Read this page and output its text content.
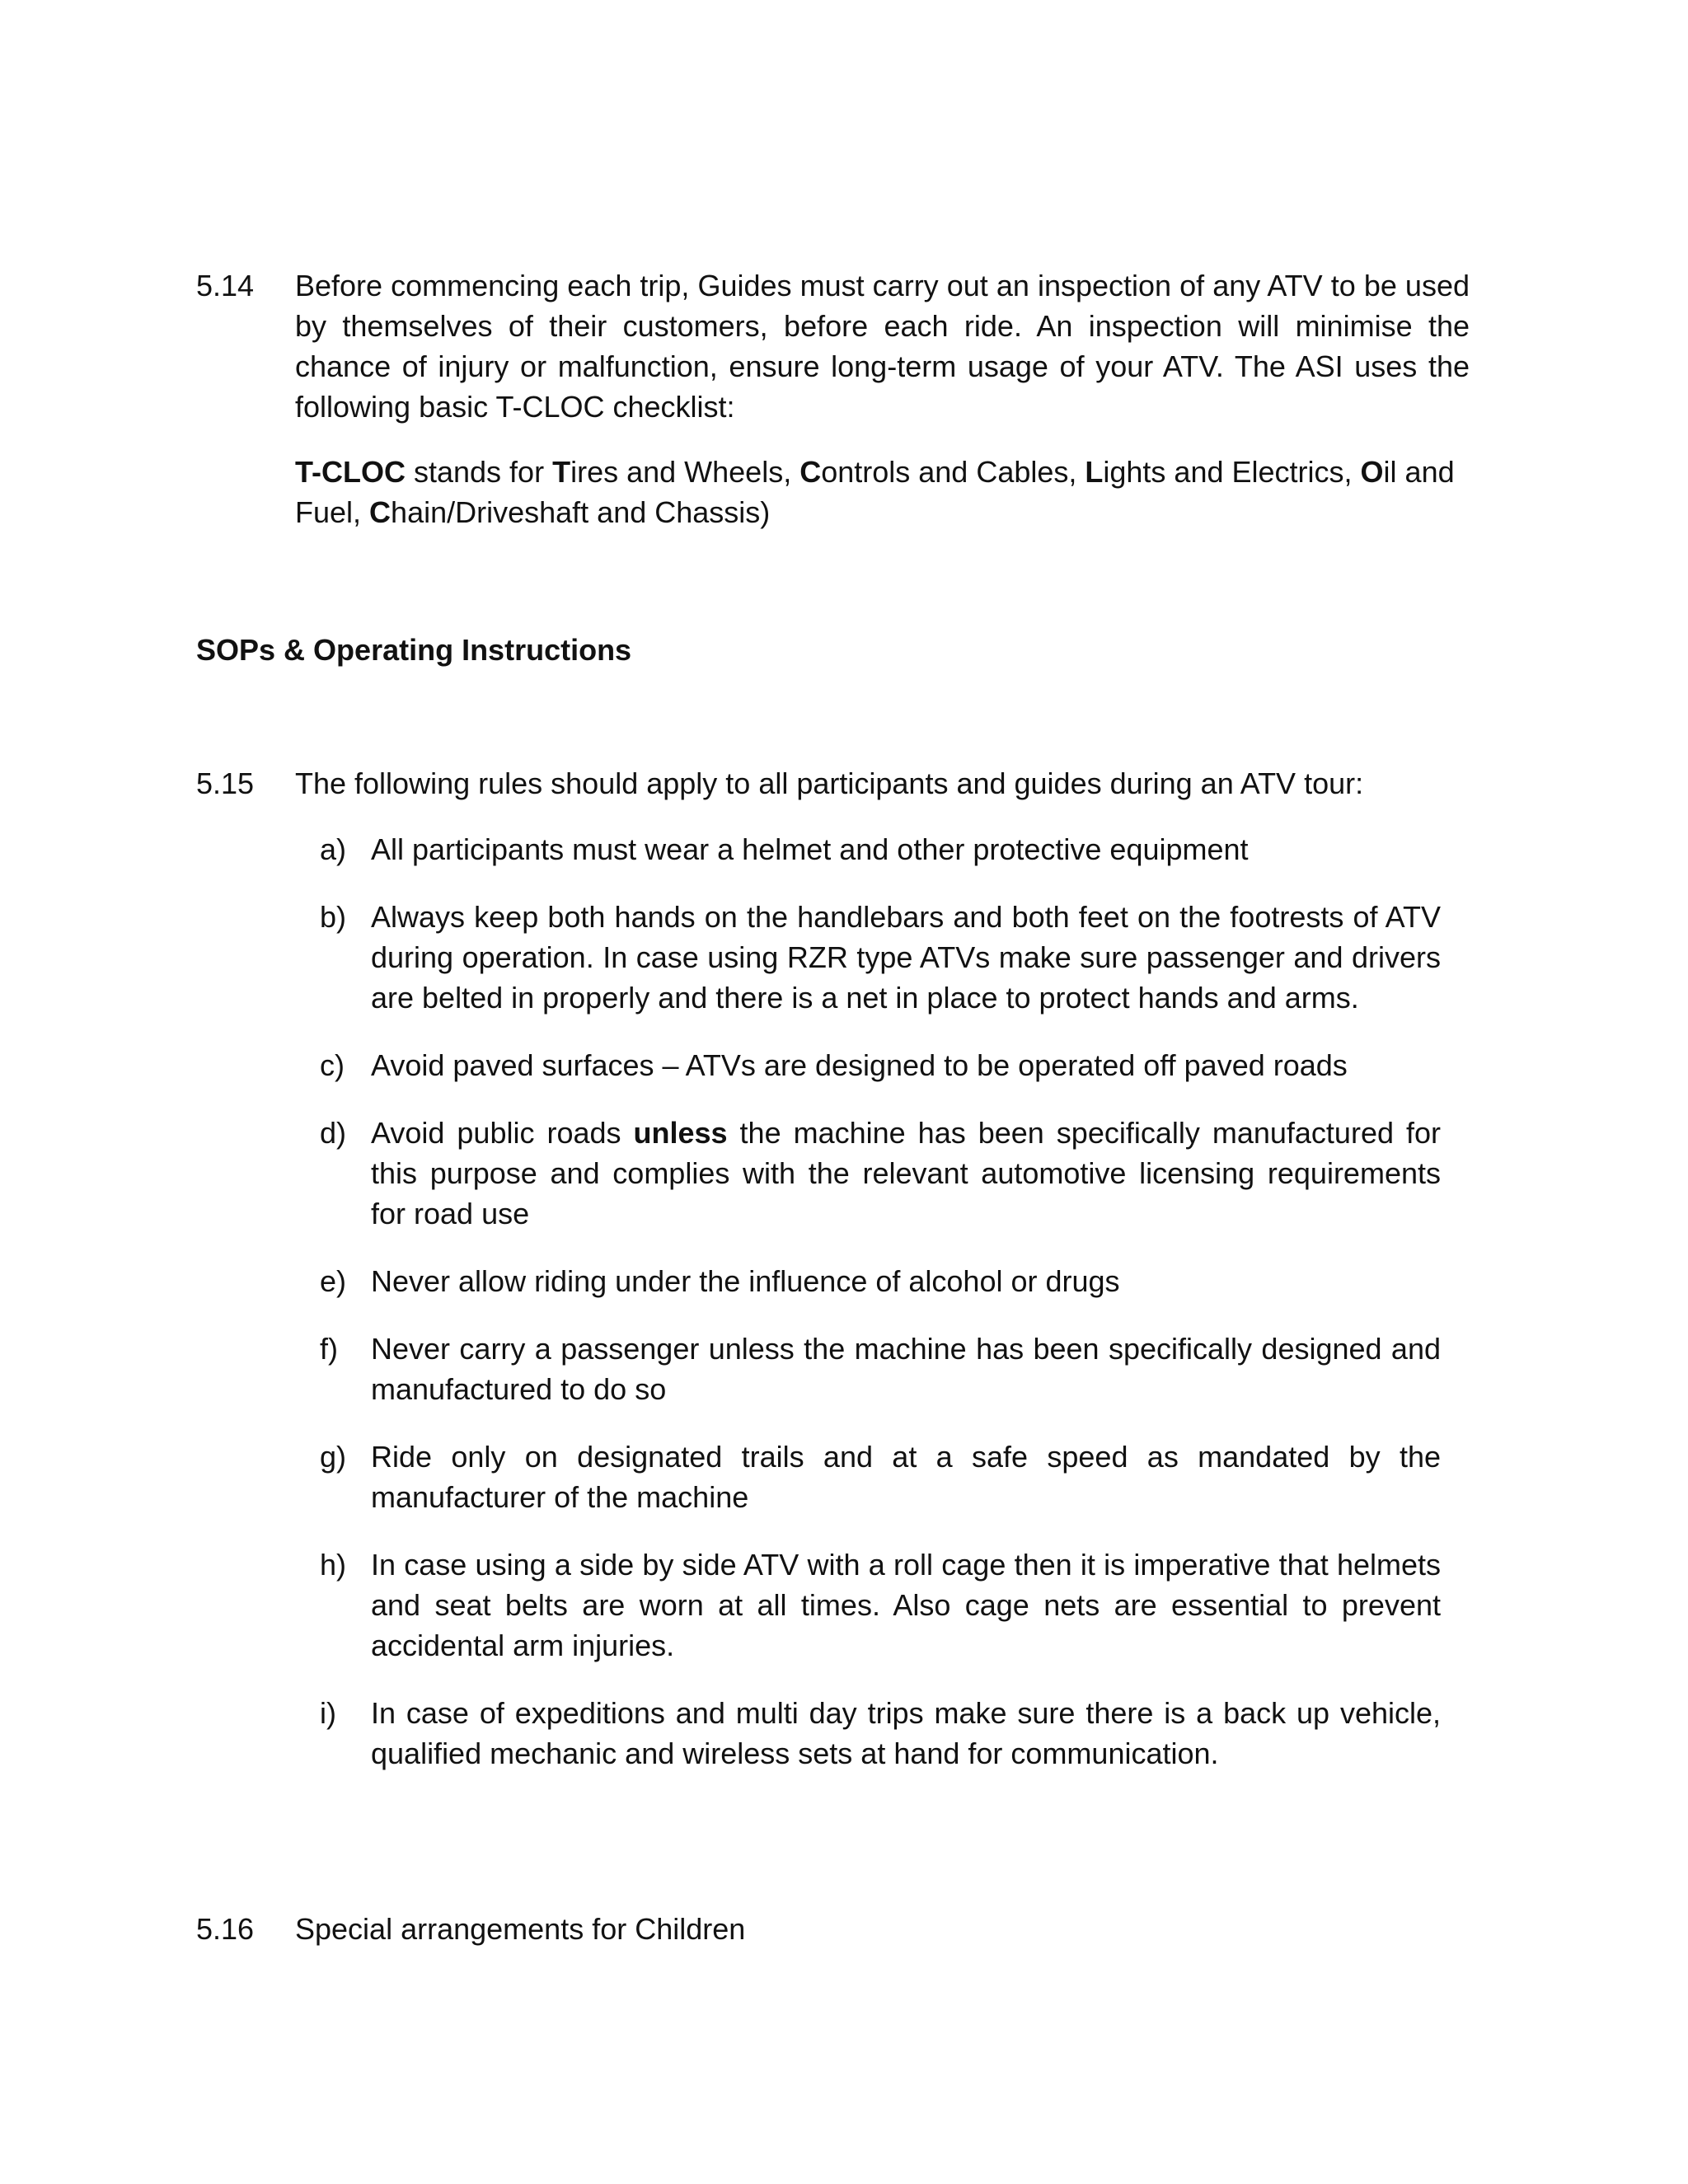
5.14 Before commencing each trip, Guides must carry out an inspection of any ATV to be used by themselves of their customers, before each ride. An inspection will minimise the chance of injury or malfunction, ensure long-term usage of your ATV. The ASI uses the following basic T-CLOC checklist:
T-CLOC stands for Tires and Wheels, Controls and Cables, Lights and Electrics, Oil and Fuel, Chain/Driveshaft and Chassis)
SOPs & Operating Instructions
5.15 The following rules should apply to all participants and guides during an ATV tour:
a) All participants must wear a helmet and other protective equipment
b) Always keep both hands on the handlebars and both feet on the footrests of ATV during operation. In case using RZR type ATVs make sure passenger and drivers are belted in properly and there is a net in place to protect hands and arms.
c) Avoid paved surfaces – ATVs are designed to be operated off paved roads
d) Avoid public roads unless the machine has been specifically manufactured for this purpose and complies with the relevant automotive licensing requirements for road use
e) Never allow riding under the influence of alcohol or drugs
f) Never carry a passenger unless the machine has been specifically designed and manufactured to do so
g) Ride only on designated trails and at a safe speed as mandated by the manufacturer of the machine
h) In case using a side by side ATV with a roll cage then it is imperative that helmets and seat belts are worn at all times. Also cage nets are essential to prevent accidental arm injuries.
i) In case of expeditions and multi day trips make sure there is a back up vehicle, qualified mechanic and wireless sets at hand for communication.
5.16 Special arrangements for Children
